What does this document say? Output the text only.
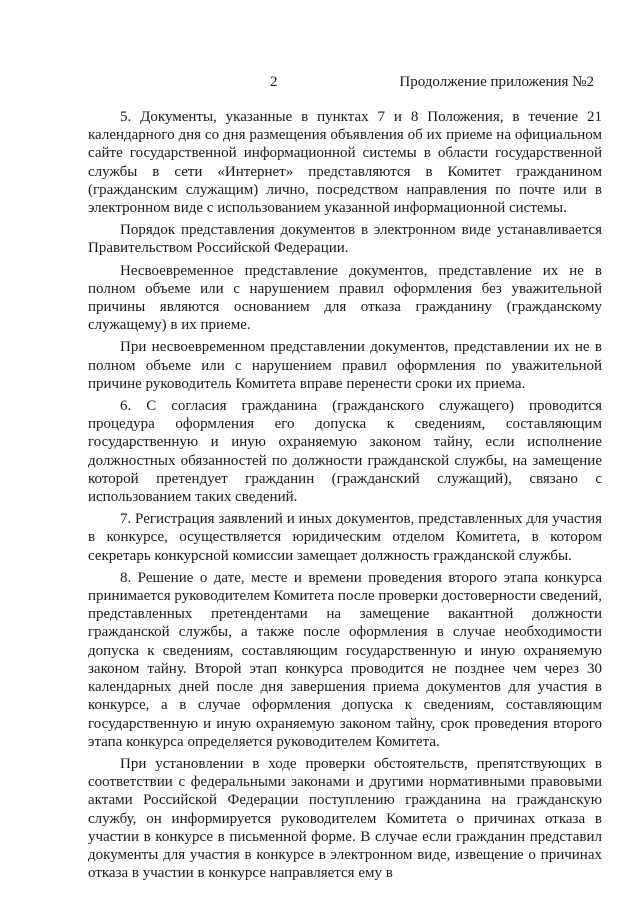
2	Продолжение приложения №2

5. Документы, указанные в пунктах 7 и 8 Положения, в течение 21 календарного дня со дня размещения объявления об их приеме на официальном сайте государственной информационной системы в области государственной службы в сети «Интернет» представляются в Комитет гражданином (гражданским служащим) лично, посредством направления по почте или в электронном виде с использованием указанной информационной системы.

Порядок представления документов в электронном виде устанавливается Правительством Российской Федерации.

Несвоевременное представление документов, представление их не в полном объеме или с нарушением правил оформления без уважительной причины являются основанием для отказа гражданину (гражданскому служащему) в их приеме.

При несвоевременном представлении документов, представлении их не в полном объеме или с нарушением правил оформления по уважительной причине руководитель Комитета вправе перенести сроки их приема.

6. С согласия гражданина (гражданского служащего) проводится процедура оформления его допуска к сведениям, составляющим государственную и иную охраняемую законом тайну, если исполнение должностных обязанностей по должности гражданской службы, на замещение которой претендует гражданин (гражданский служащий), связано с использованием таких сведений.

7. Регистрация заявлений и иных документов, представленных для участия в конкурсе, осуществляется юридическим отделом Комитета, в котором секретарь конкурсной комиссии замещает должность гражданской службы.

8. Решение о дате, месте и времени проведения второго этапа конкурса принимается руководителем Комитета после проверки достоверности сведений, представленных претендентами на замещение вакантной должности гражданской службы, а также после оформления в случае необходимости допуска к сведениям, составляющим государственную и иную охраняемую законом тайну. Второй этап конкурса проводится не позднее чем через 30 календарных дней после дня завершения приема документов для участия в конкурсе, а в случае оформления допуска к сведениям, составляющим государственную и иную охраняемую законом тайну, срок проведения второго этапа конкурса определяется руководителем Комитета.

При установлении в ходе проверки обстоятельств, препятствующих в соответствии с федеральными законами и другими нормативными правовыми актами Российской Федерации поступлению гражданина на гражданскую службу, он информируется руководителем Комитета о причинах отказа в участии в конкурсе в письменной форме. В случае если гражданин представил документы для участия в конкурсе в электронном виде, извещение о причинах отказа в участии в конкурсе направляется ему в
